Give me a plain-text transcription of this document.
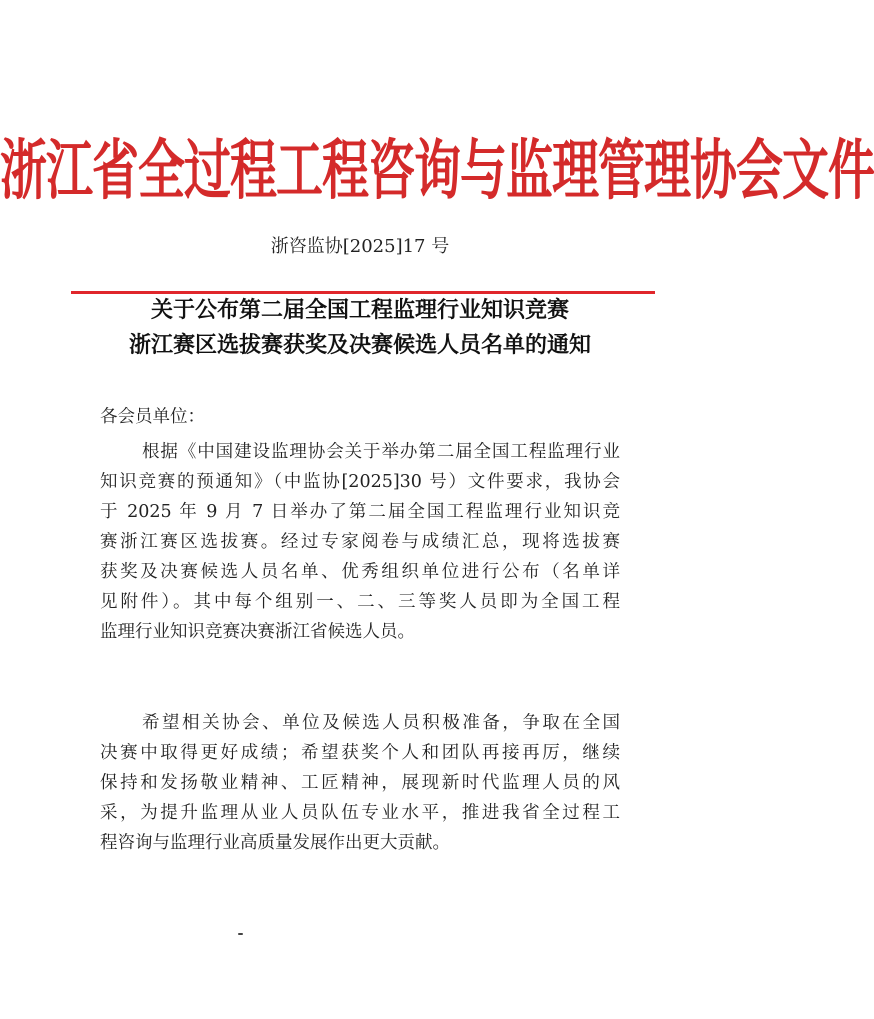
浙江省全过程工程咨询与监理管理协会文件
浙咨监协[2025]17 号
关于公布第二届全国工程监理行业知识竞赛
浙江赛区选拔赛获奖及决赛候选人员名单的通知
各会员单位：
根据《中国建设监理协会关于举办第二届全国工程监理行业
知识竞赛的预通知》（中监协[2025]30 号）文件要求，我协会
于 2025 年 9 月 7 日举办了第二届全国工程监理行业知识竞
赛浙江赛区选拔赛。经过专家阅卷与成绩汇总，现将选拔赛
获奖及决赛候选人员名单、优秀组织单位进行公布（名单详
见附件）。其中每个组别一、二、三等奖人员即为全国工程
监理行业知识竞赛决赛浙江省候选人员。
希望相关协会、单位及候选人员积极准备，争取在全国
决赛中取得更好成绩；希望获奖个人和团队再接再厉，继续
保持和发扬敬业精神、工匠精神，展现新时代监理人员的风
采，为提升监理从业人员队伍专业水平，推进我省全过程工
程咨询与监理行业高质量发展作出更大贡献。
